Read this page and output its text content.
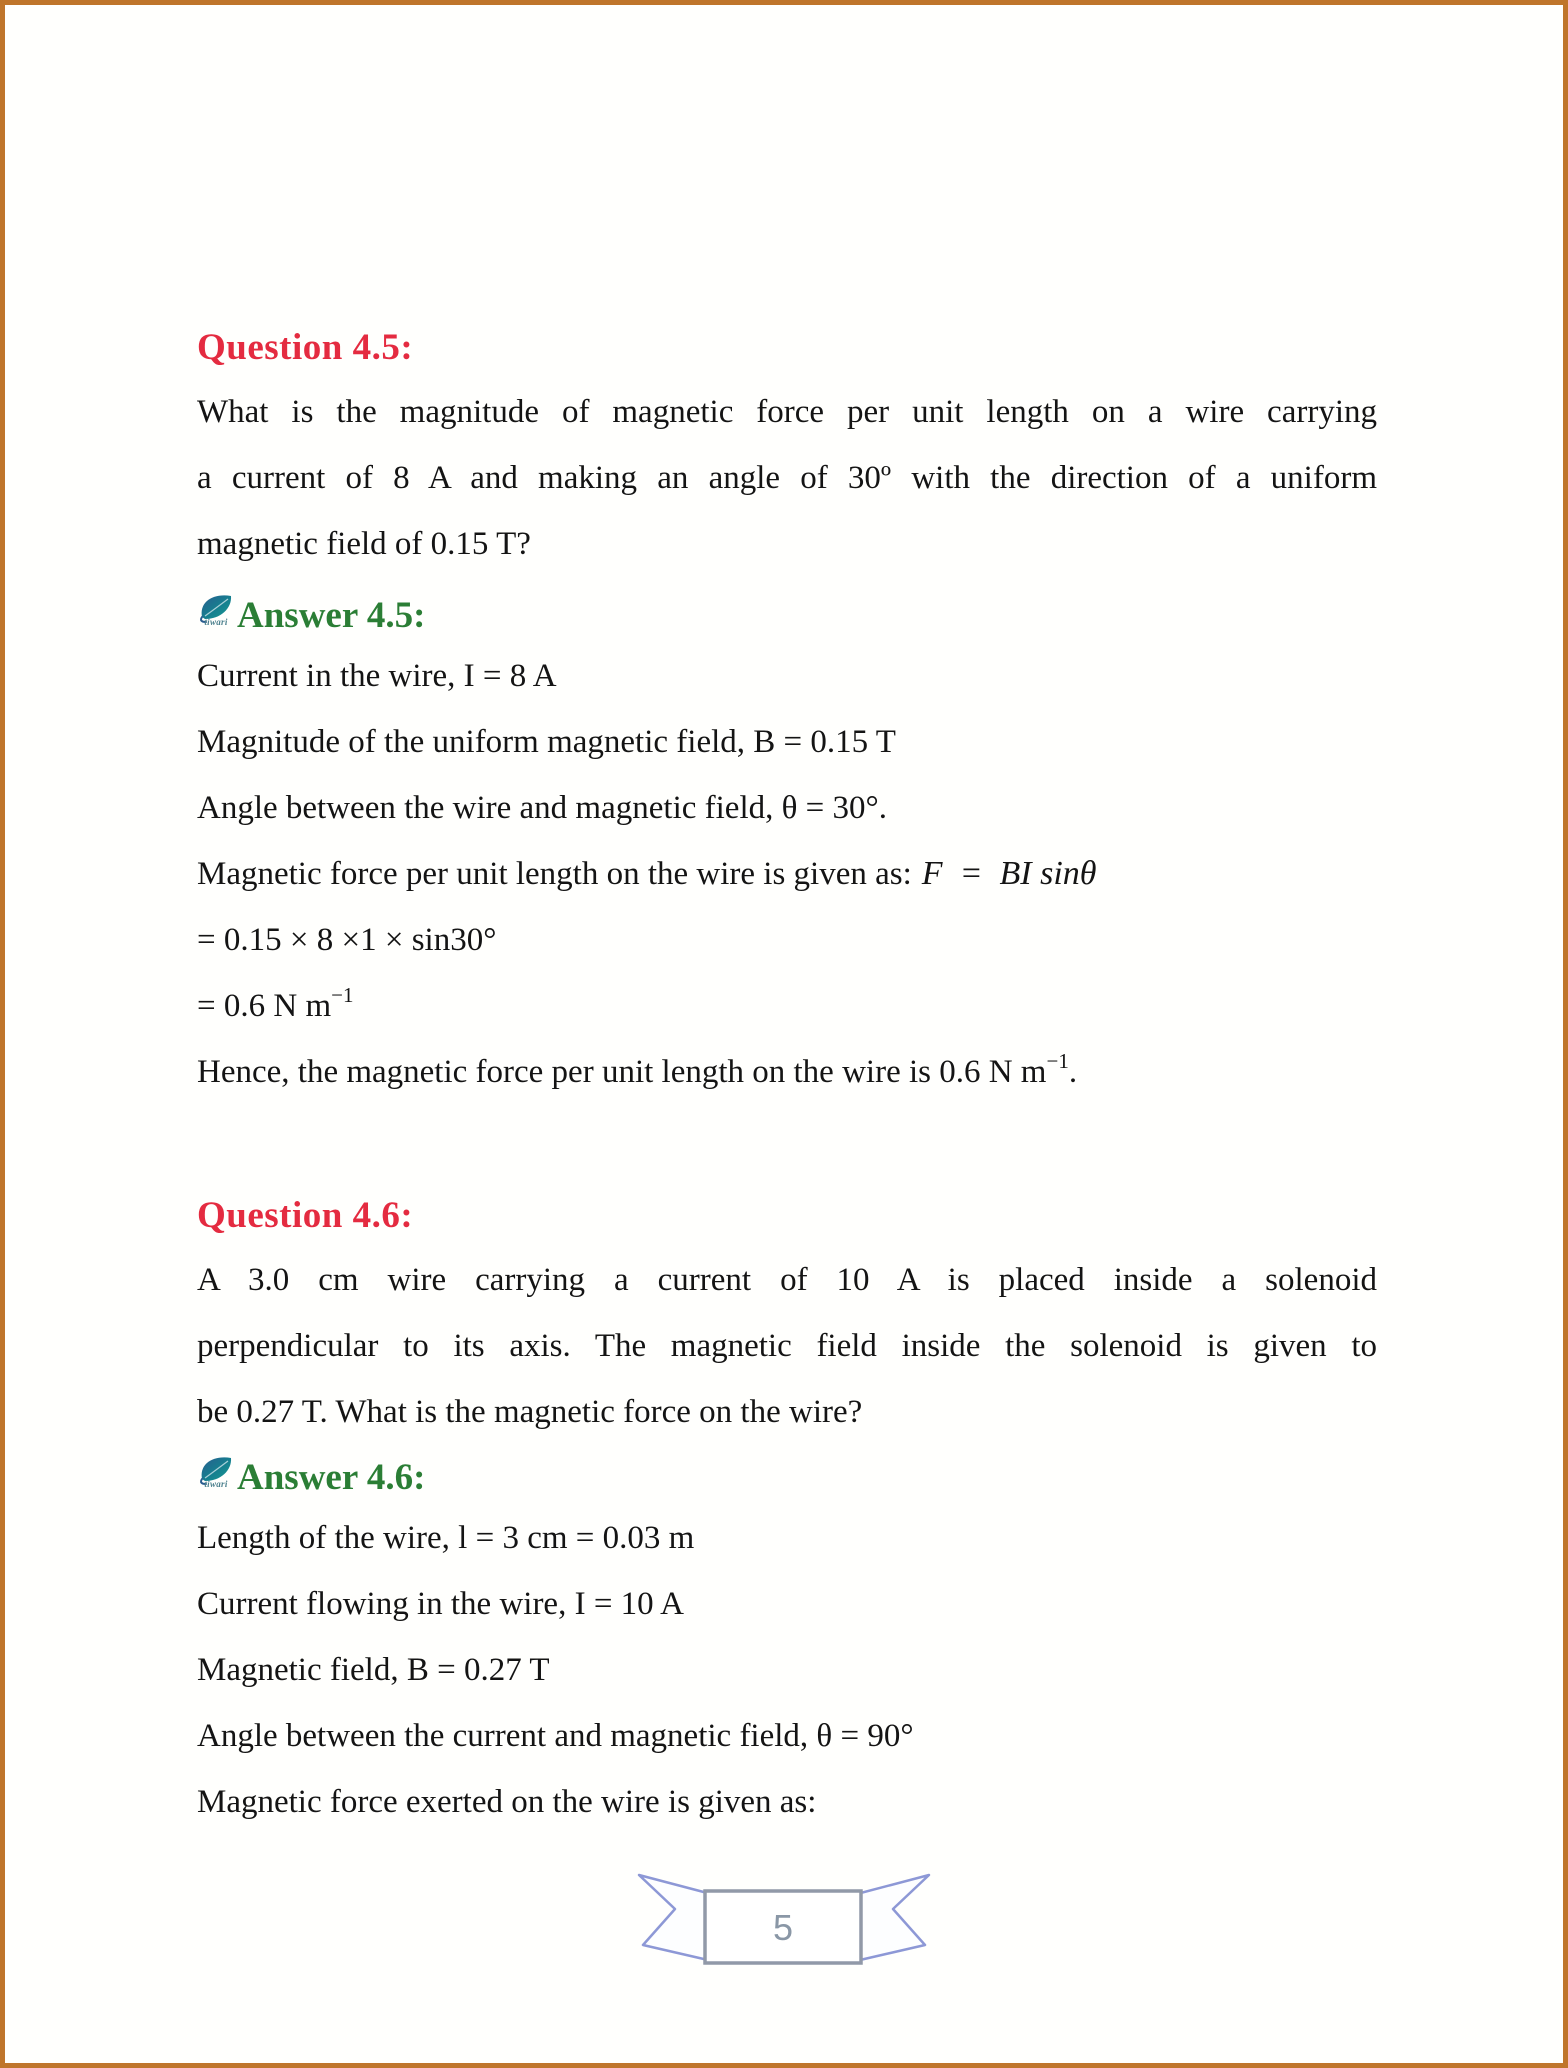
Question 4.5:
What is the magnitude of magnetic force per unit length on a wire carrying
a current of 8 A and making an angle of 30º with the direction of a uniform
magnetic field of 0.15 T?
tiwari Answer 4.5:
Current in the wire, I = 8 A
Magnitude of the uniform magnetic field, B = 0.15 T
Angle between the wire and magnetic field, θ = 30°.
Magnetic force per unit length on the wire is given as: F  =  BI sinθ
= 0.15 × 8 ×1 × sin30°
= 0.6 N $m^{-1}$
Hence, the magnetic force per unit length on the wire is 0.6 N $m^{-1}$.
Question 4.6:
A 3.0 cm wire carrying a current of 10 A is placed inside a solenoid
perpendicular to its axis. The magnetic field inside the solenoid is given to
be 0.27 T. What is the magnetic force on the wire?
tiwari Answer 4.6:
Length of the wire, l = 3 cm = 0.03 m
Current flowing in the wire, I = 10 A
Magnetic field, B = 0.27 T
Angle between the current and magnetic field, θ = 90°
Magnetic force exerted on the wire is given as:
5
